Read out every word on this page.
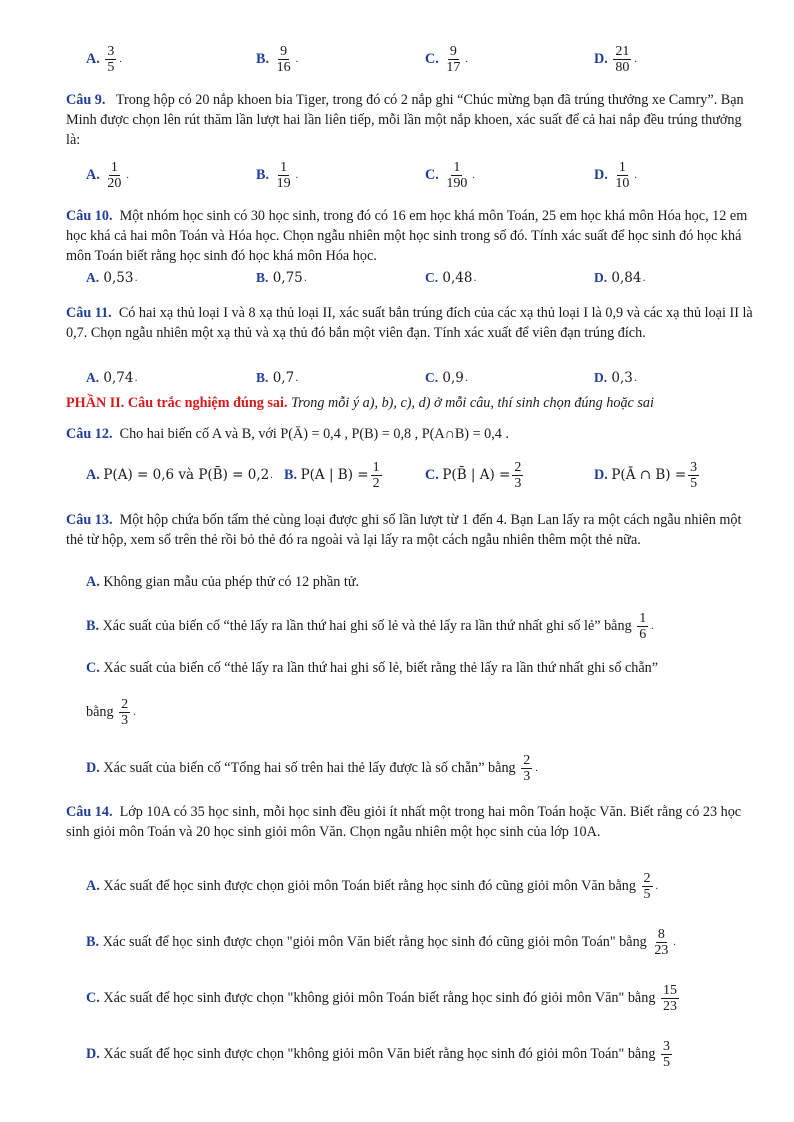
A.
$\frac{3}{5}$ .	B.
$\frac{9}{16}$ .	C.
$\frac{9}{17}$ .	D.
$\frac{21}{80}$ .
Câu 9. Trong hộp có 20 nắp khoen bia Tiger, trong đó có 2 nắp ghi “Chúc mừng bạn đã trúng thưởng xe Camry”. Bạn Minh được chọn lên rút thăm lần lượt hai lần liên tiếp, mỗi lần một nắp khoen, xác suất để cả hai nắp đều trúng thưởng là:
A.
$\frac{1}{20}$ .	B.
$\frac{1}{19}$ .	C.
$\frac{1}{190}$ .	D.
$\frac{1}{10}$ .
Câu 10. Một nhóm học sinh có 30 học sinh, trong đó có 16 em học khá môn Toán, 25 em học khá môn Hóa học, 12 em học khá cả hai môn Toán và Hóa học. Chọn ngẫu nhiên một học sinh trong số đó. Tính xác suất để học sinh đó học khá môn Toán biết rằng học sinh đó học khá môn Hóa học.
A.
0,53 .	B.
0,75 .	C.
0,48 .	D.
0,84 .
Câu 11. Có hai xạ thủ loại I và 8 xạ thủ loại II, xác suất bắn trúng đích của các xạ thủ loại I là 0,9 và các xạ thủ loại II là 0,7. Chọn ngẫu nhiên một xạ thủ và xạ thủ đó bắn một viên đạn. Tính xác xuất để viên đạn trúng đích.
A.
0,74 .	B.
0,7 .	C.
0,9 .	D.
0,3 .
PHẦN II. Câu trắc nghiệm đúng sai. Trong mỗi ý a), b), c), d) ở mỗi câu, thí sinh chọn đúng hoặc sai
Câu 12. Cho hai biến cố A và B, với P(Ā) = 0,4 , P(B) = 0,8 , P(A∩B) = 0,4 .
A.
P(A) = 0,6 và P(B̄) = 0,2 . B.
P(A | $B) = \frac{1}{2}$	C.
P(B̄ | $A) = \frac{2}{3}$	D.
P(Ā ∩ $B) = \frac{3}{5}$
Câu 13. Một hộp chứa bốn tấm thẻ cùng loại được ghi số lần lượt từ 1 đến 4. Bạn Lan lấy ra một cách ngẫu nhiên một thẻ từ hộp, xem số trên thẻ rồi bỏ thẻ đó ra ngoài và lại lấy ra một cách ngẫu nhiên thêm một thẻ nữa.
A.
Không gian mẫu của phép thử có 12 phần tử.
B.
Xác suất của biến cố “thẻ lấy ra lần thứ hai ghi số lẻ và thẻ lấy ra lần thứ nhất ghi số lẻ” bằng
$\frac{1}{6}$ .
C.
Xác suất của biến cố “thẻ lấy ra lần thứ hai ghi số lẻ, biết rằng thẻ lấy ra lần thứ nhất ghi số chẵn”
bằng
$\frac{2}{3}$ .
D.
Xác suất của biến cố “Tổng hai số trên hai thẻ lấy được là số chẵn” bằng
$\frac{2}{3}$ .
Câu 14. Lớp 10A có 35 học sinh, mỗi học sinh đều giỏi ít nhất một trong hai môn Toán hoặc Văn. Biết rằng có 23 học sinh giỏi môn Toán và 20 học sinh giỏi môn Văn. Chọn ngẫu nhiên một học sinh của lớp 10A.
A.
Xác suất để học sinh được chọn giỏi môn Toán biết rằng học sinh đó cũng giỏi môn Văn bằng
$\frac{2}{5}$ .
B.
Xác suất để học sinh được chọn "giỏi môn Văn biết rằng học sinh đó cũng giỏi môn Toán" bằng
$\frac{8}{23}$ .
C.
Xác suất để học sinh được chọn "không giỏi môn Toán biết rằng học sinh đó giỏi môn Văn" bằng
$\frac{15}{23}$
D.
Xác suất để học sinh được chọn "không giỏi môn Văn biết rằng học sinh đó giỏi môn Toán" bằng
$\frac{3}{5}$
